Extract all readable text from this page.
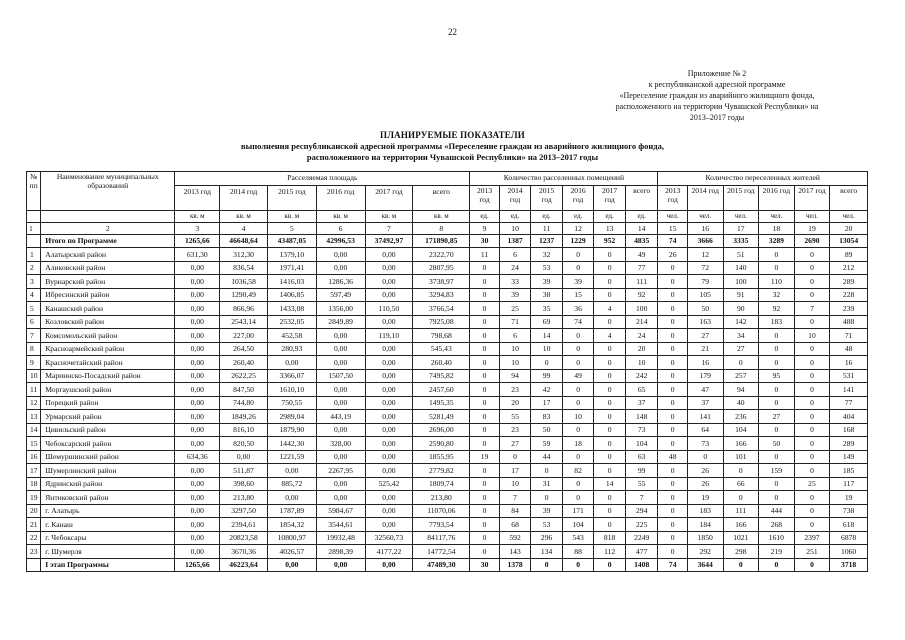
22
Приложение № 2
к республиканской адресной программе
«Переселение граждан из аварийного жилищного фонда,
расположенного на территории Чувашской Республики» на
2013–2017 годы
ПЛАНИРУЕМЫЕ ПОКАЗАТЕЛИ
выполнения республиканской адресной программы «Переселение граждан из аварийного жилищного фонда,
расположенного на территории Чувашской Республики» на 2013–2017 годы
№ пп	Наименование муниципальных образований	Расселяемая площадь						Количество расселенных помещений						Количество переселенных жителей					
		2013 год	2014 год	2015 год	2016 год	2017 год	всего	2013 год	2014 год	2015 год	2016 год	2017 год	всего	2013 год	2014 год	2015 год	2016 год	2017 год	всего
		кв. м	кв. м	кв. м	кв. м	кв. м	кв. м	ед.	ед.	ед.	ед.	ед.	ед.	чел.	чел.	чел.	чел.	чел.	чел.
1	2	3	4	5	6	7	8	9	10	11	12	13	14	15	16	17	18	19	20
	Итого по Программе	1265,66	46648,64	43487,05	42996,53	37492,97	171890,85	30	1387	1237	1229	952	4835	74	3666	3335	3289	2690	13054
1	Алатырский район	631,30	312,30	1379,10	0,00	0,00	2322,70	11	6	32	0	0	49	26	12	51	0	0	89
2	Аликовский район	0,00	836,54	1971,41	0,00	0,00	2807,95	0	24	53	0	0	77	0	72	140	0	0	212
3	Вурнарский район	0,00	1036,58	1416,03	1286,36	0,00	3738,97	0	33	39	39	0	111	0	79	100	110	0	289
4	Ибресинский район	0,00	1290,49	1406,85	597,49	0,00	3294,83	0	39	38	15	0	92	0	105	91	32	0	228
5	Канашский район	0,00	866,96	1433,08	1356,00	110,50	3766,54	0	25	35	36	4	100	0	50	90	92	7	239
6	Козловский район	0,00	2543,14	2532,05	2849,89	0,00	7925,08	0	71	69	74	0	214	0	163	142	183	0	488
7	Комсомольский район	0,00	227,00	452,58	0,00	119,10	798,68	0	6	14	0	4	24	0	27	34	0	10	71
8	Красноармейский район	0,00	264,50	280,93	0,00	0,00	545,43	0	10	10	0	0	20	0	21	27	0	0	48
9	Красночетайский район	0,00	260,40	0,00	0,00	0,00	260,40	0	10	0	0	0	10	0	16	0	0	0	16
10	Мариинско-Посадский район	0,00	2622,25	3366,07	1507,50	0,00	7495,82	0	94	99	49	0	242	0	179	257	95	0	531
11	Моргаушский район	0,00	847,50	1610,10	0,00	0,00	2457,60	0	23	42	0	0	65	0	47	94	0	0	141
12	Порецкий район	0,00	744,80	750,55	0,00	0,00	1495,35	0	20	17	0	0	37	0	37	40	0	0	77
13	Урмарский район	0,00	1849,26	2989,04	443,19	0,00	5281,49	0	55	83	10	0	148	0	141	236	27	0	404
14	Цивильский район	0,00	816,10	1879,90	0,00	0,00	2696,00	0	23	50	0	0	73	0	64	104	0	0	168
15	Чебоксарский район	0,00	820,50	1442,30	328,00	0,00	2590,80	0	27	59	18	0	104	0	73	166	50	0	289
16	Шемуршинский район	634,36	0,00	1221,59	0,00	0,00	1855,95	19	0	44	0	0	63	48	0	101	0	0	149
17	Шумерлинский район	0,00	511,87	0,00	2267,95	0,00	2779,82	0	17	0	82	0	99	0	26	0	159	0	185
18	Ядринский район	0,00	398,60	885,72	0,00	525,42	1809,74	0	10	31	0	14	55	0	26	66	0	25	117
19	Янтиковский район	0,00	213,80	0,00	0,00	0,00	213,80	0	7	0	0	0	7	0	19	0	0	0	19
20	г. Алатырь	0,00	3297,50	1787,89	5984,67	0,00	11070,06	0	84	39	171	0	294	0	183	111	444	0	738
21	г. Канаш	0,00	2394,61	1854,32	3544,61	0,00	7793,54	0	68	53	104	0	225	0	184	166	268	0	618
22	г. Чебоксары	0,00	20823,58	10800,97	19932,48	32560,73	84117,76	0	592	296	543	818	2249	0	1850	1021	1610	2397	6878
23	г. Шумерля	0,00	3670,36	4026,57	2898,39	4177,22	14772,54	0	143	134	88	112	477	0	292	298	219	251	1060
	I этап Программы	1265,66	46223,64	0,00	0,00	0,00	47489,30	30	1378	0	0	0	1408	74	3644	0	0	0	3718
